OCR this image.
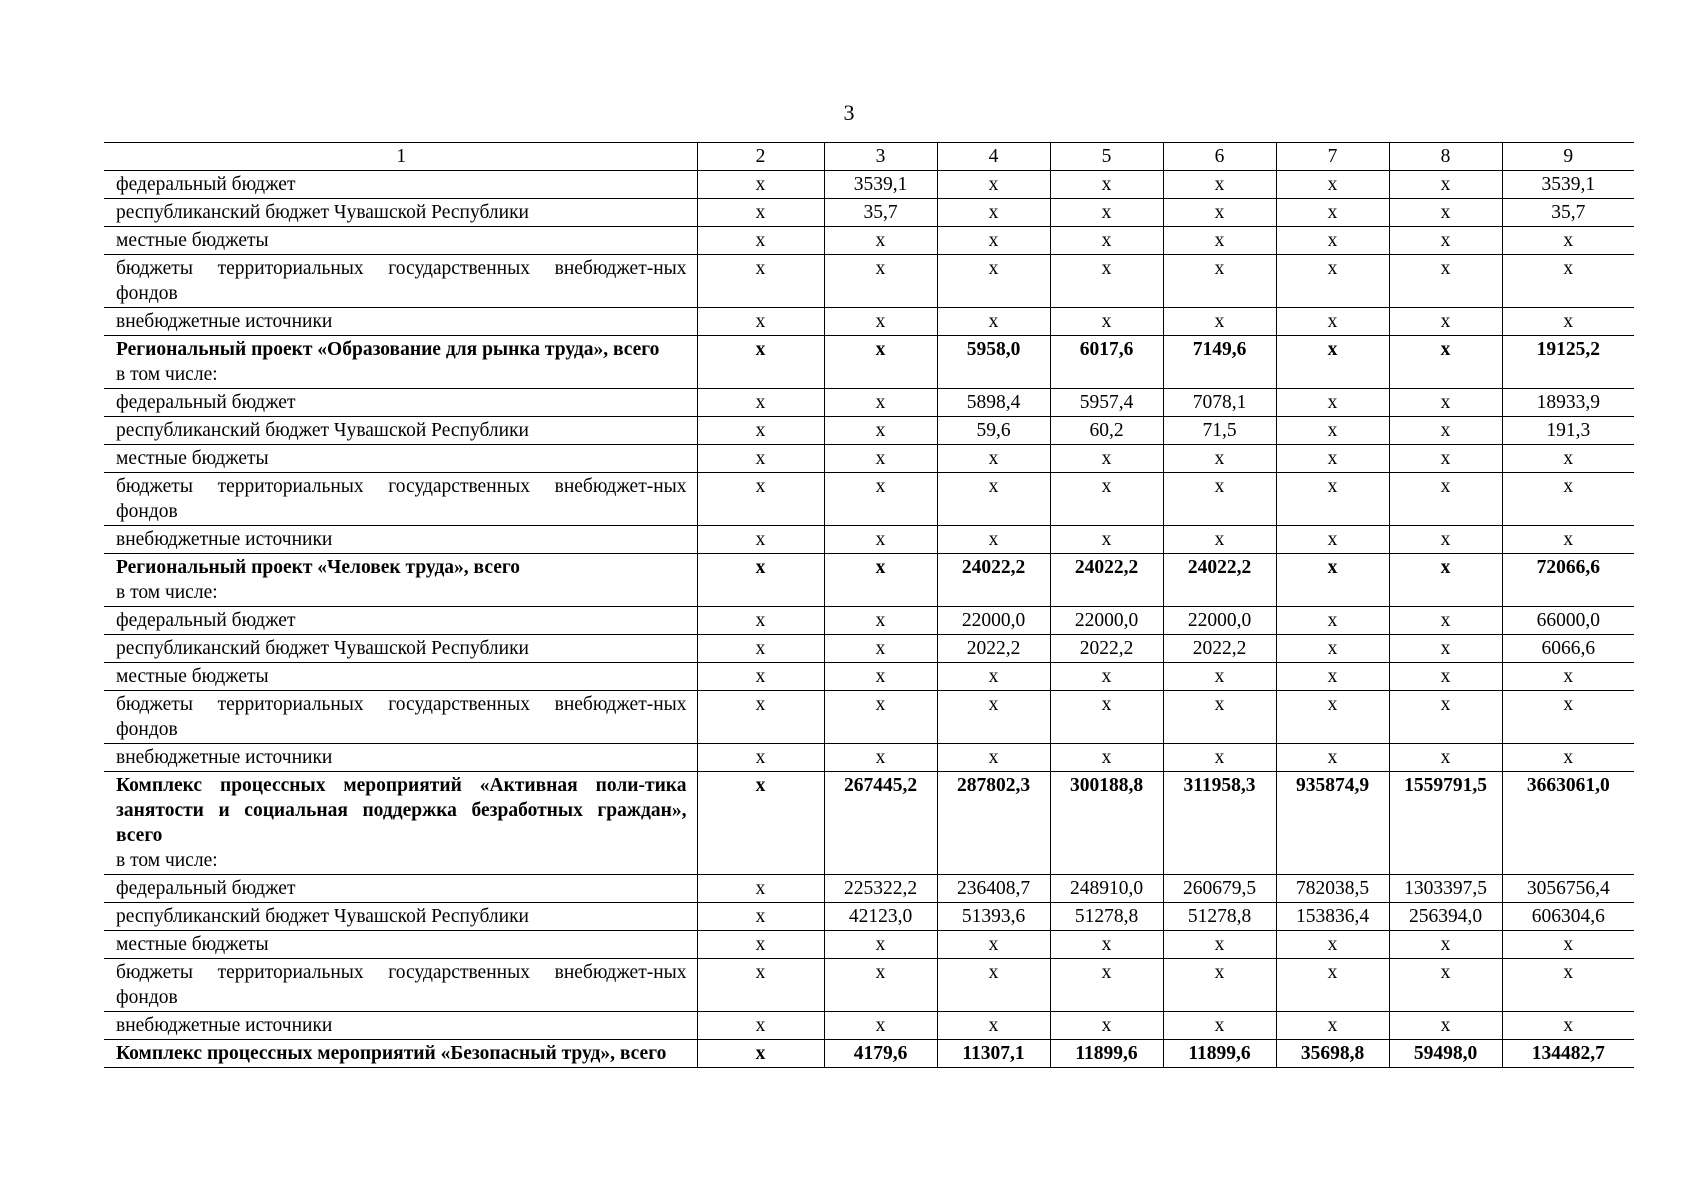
3
1	2	3	4	5	6	7	8	9

федеральный бюджет	х	3539,1	х	х	х	х	х	3539,1

республиканский бюджет Чувашской Республики	х	35,7	х	х	х	х	х	35,7

местные бюджеты	х	х	х	х	х	х	х	х

бюджеты территориальных государственных внебюджет-ных фондов	х	х	х	х	х	х	х	х

внебюджетные источники	х	х	х	х	х	х	х	х

Региональный проект «Образование для рынка труда», всего
в том числе:	х	х	5958,0	6017,6	7149,6	х	х	19125,2

федеральный бюджет	х	х	5898,4	5957,4	7078,1	х	х	18933,9

республиканский бюджет Чувашской Республики	х	х	59,6	60,2	71,5	х	х	191,3

местные бюджеты	х	х	х	х	х	х	х	х

бюджеты территориальных государственных внебюджет-ных фондов	х	х	х	х	х	х	х	х

внебюджетные источники	х	х	х	х	х	х	х	х

Региональный проект «Человек труда», всего
в том числе:	х	х	24022,2	24022,2	24022,2	х	х	72066,6

федеральный бюджет	х	х	22000,0	22000,0	22000,0	х	х	66000,0

республиканский бюджет Чувашской Республики	х	х	2022,2	2022,2	2022,2	х	х	6066,6

местные бюджеты	х	х	х	х	х	х	х	х

бюджеты территориальных государственных внебюджет-ных фондов	х	х	х	х	х	х	х	х

внебюджетные источники	х	х	х	х	х	х	х	х

Комплекс процессных мероприятий «Активная поли-тика занятости и социальная поддержка безработных граждан», всего
в том числе:	х	267445,2	287802,3	300188,8	311958,3	935874,9	1559791,5	3663061,0

федеральный бюджет	х	225322,2	236408,7	248910,0	260679,5	782038,5	1303397,5	3056756,4

республиканский бюджет Чувашской Республики	х	42123,0	51393,6	51278,8	51278,8	153836,4	256394,0	606304,6

местные бюджеты	х	х	х	х	х	х	х	х

бюджеты территориальных государственных внебюджет-ных фондов	х	х	х	х	х	х	х	х

внебюджетные источники	х	х	х	х	х	х	х	х

Комплекс процессных мероприятий «Безопасный труд», всего	х	4179,6	11307,1	11899,6	11899,6	35698,8	59498,0	134482,7
